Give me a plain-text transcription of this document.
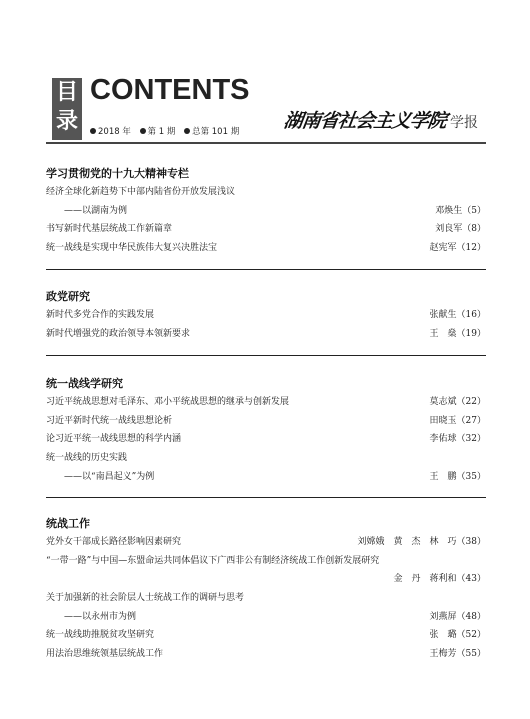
目
录
CONTENTS
2018 年 第 1 期 总第 101 期	湖南省社会主义学院 学报
学习贯彻党的十九大精神专栏
经济全球化新趋势下中部内陆省份开放发展浅议
——以湖南为例	邓焕生（5）
书写新时代基层统战工作新篇章	刘良军（8）
统一战线是实现中华民族伟大复兴决胜法宝	赵宪军（12）
政党研究
新时代多党合作的实践发展	张献生（16）
新时代增强党的政治领导本领新要求	王　燊（19）
统一战线学研究
习近平统战思想对毛泽东、邓小平统战思想的继承与创新发展	莫志斌（22）
习近平新时代统一战线思想论析	田晓玉（27）
论习近平统一战线思想的科学内涵	李佑球（32）
统一战线的历史实践
——以“南昌起义”为例	王　鹏（35）
统战工作
党外女干部成长路径影响因素研究	刘嫦娥　黄　杰　林　巧（38）
“一带一路”与中国—东盟命运共同体倡议下广西非公有制经济统战工作创新发展研究
金　丹　蒋利和（43）
关于加强新的社会阶层人士统战工作的调研与思考
——以永州市为例	刘燕屏（48）
统一战线助推脱贫攻坚研究	张　璐（52）
用法治思维统领基层统战工作	王梅芳（55）
